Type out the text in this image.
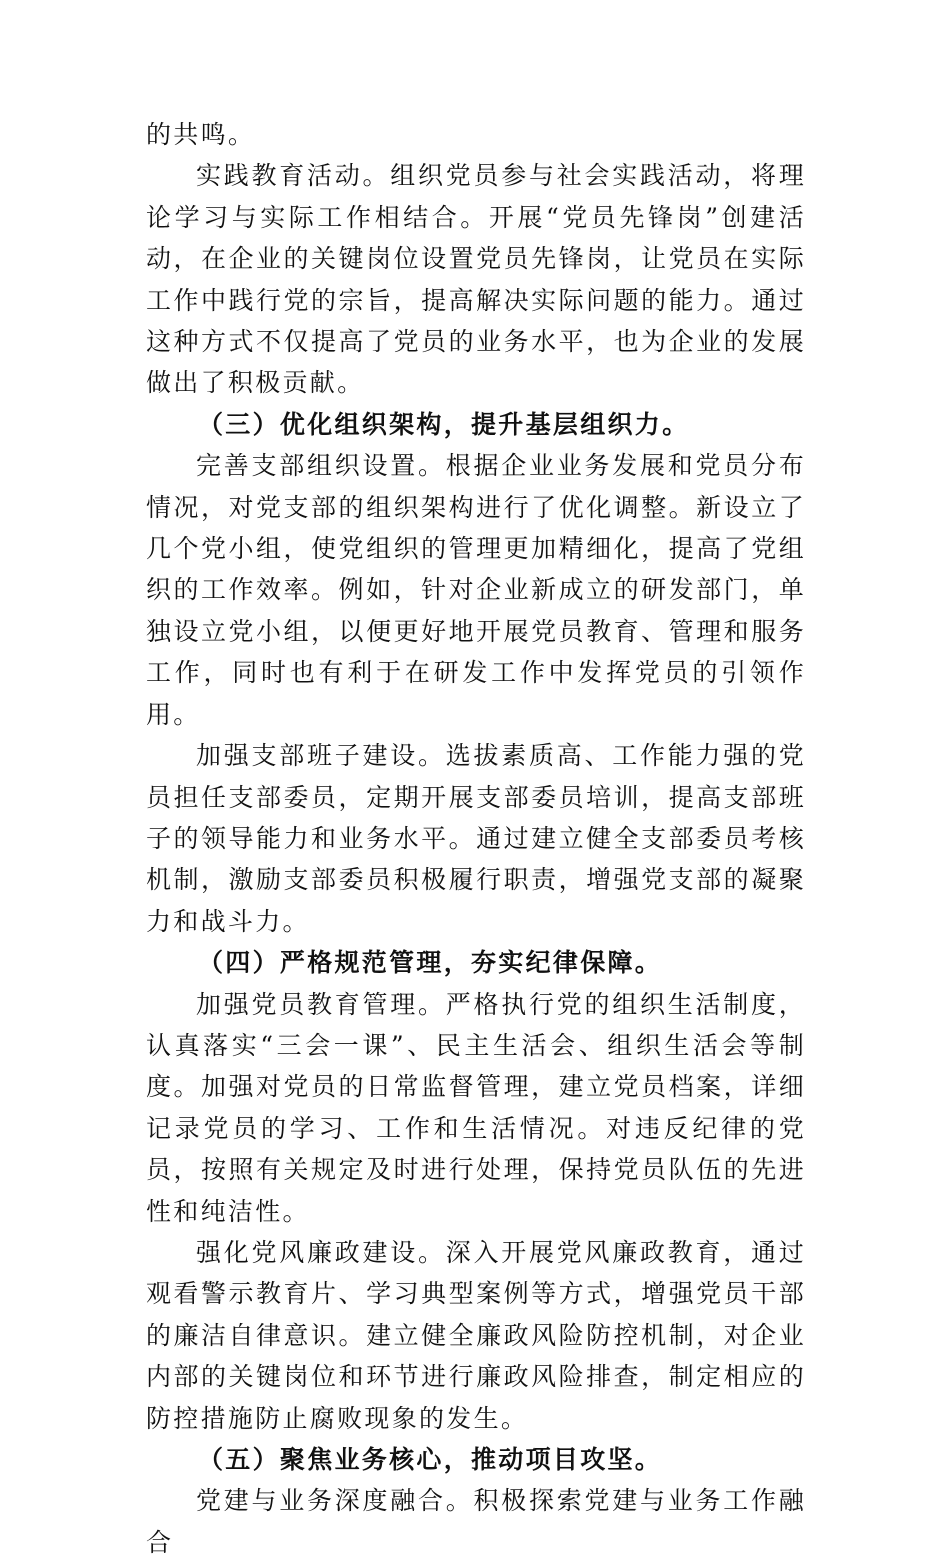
的共鸣。

实践教育活动。组织党员参与社会实践活动，将理论学习与实际工作相结合。开展“党员先锋岗”创建活动，在企业的关键岗位设置党员先锋岗，让党员在实际工作中践行党的宗旨，提高解决实际问题的能力。通过这种方式不仅提高了党员的业务水平，也为企业的发展做出了积极贡献。

（三）优化组织架构，提升基层组织力。

完善支部组织设置。根据企业业务发展和党员分布情况，对党支部的组织架构进行了优化调整。新设立了几个党小组，使党组织的管理更加精细化，提高了党组织的工作效率。例如，针对企业新成立的研发部门，单独设立党小组，以便更好地开展党员教育、管理和服务工作，同时也有利于在研发工作中发挥党员的引领作用。

加强支部班子建设。选拔素质高、工作能力强的党员担任支部委员，定期开展支部委员培训，提高支部班子的领导能力和业务水平。通过建立健全支部委员考核机制，激励支部委员积极履行职责，增强党支部的凝聚力和战斗力。

（四）严格规范管理，夯实纪律保障。

加强党员教育管理。严格执行党的组织生活制度，认真落实“三会一课”、民主生活会、组织生活会等制度。加强对党员的日常监督管理，建立党员档案，详细记录党员的学习、工作和生活情况。对违反纪律的党员，按照有关规定及时进行处理，保持党员队伍的先进性和纯洁性。

强化党风廉政建设。深入开展党风廉政教育，通过观看警示教育片、学习典型案例等方式，增强党员干部的廉洁自律意识。建立健全廉政风险防控机制，对企业内部的关键岗位和环节进行廉政风险排查，制定相应的防控措施防止腐败现象的发生。

（五）聚焦业务核心，推动项目攻坚。

党建与业务深度融合。积极探索党建与业务工作融合
